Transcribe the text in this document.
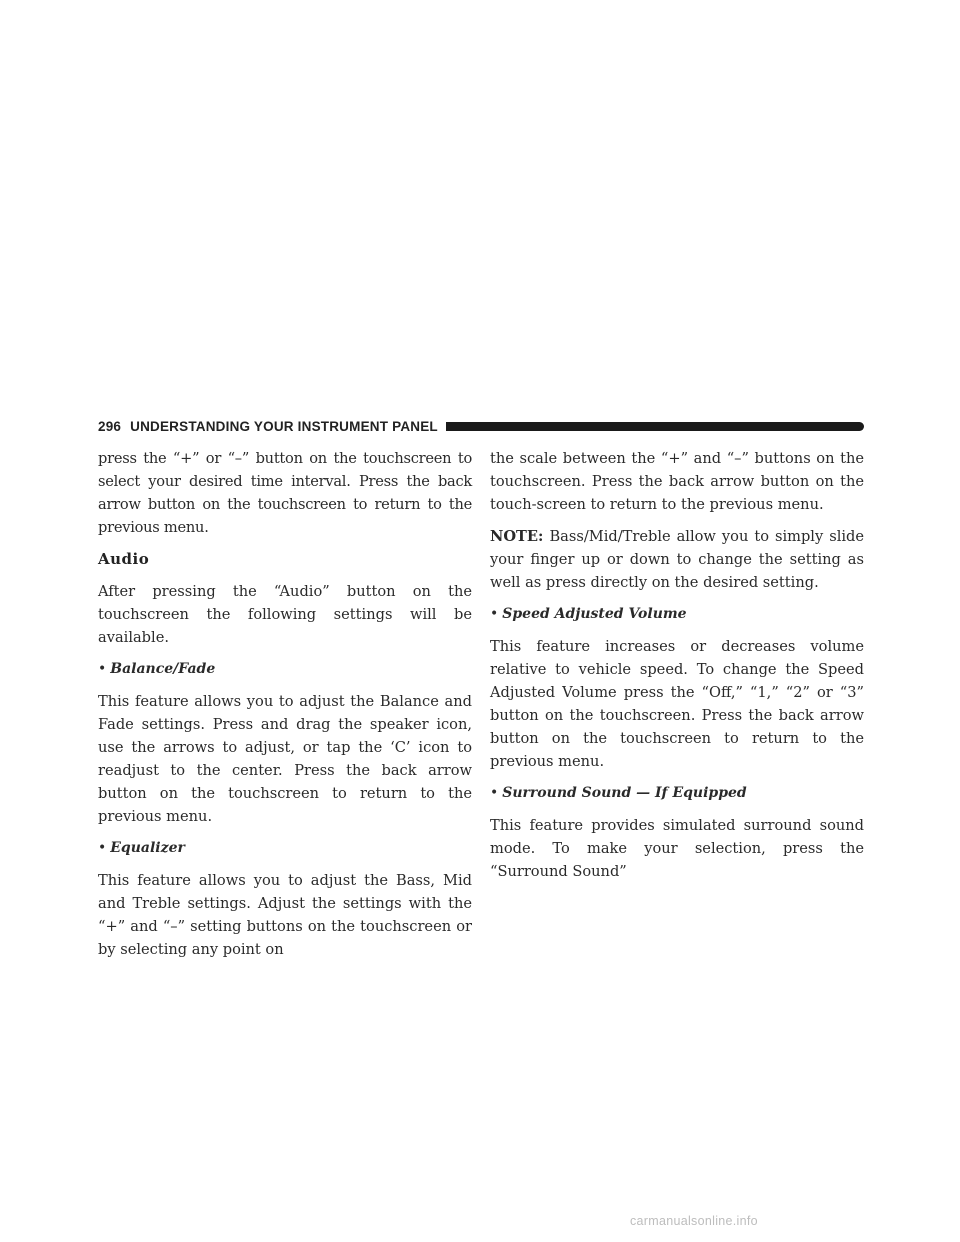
296 UNDERSTANDING YOUR INSTRUMENT PANEL

press the “+” or “–” button on the touchscreen to select your desired time interval. Press the back arrow button on the touchscreen to return to the previous menu.

Audio

After pressing the “Audio” button on the touchscreen the following settings will be available.

• Balance/Fade

This feature allows you to adjust the Balance and Fade settings. Press and drag the speaker icon, use the arrows to adjust, or tap the ‘C’ icon to readjust to the center. Press the back arrow button on the touchscreen to return to the previous menu.

• Equalizer

This feature allows you to adjust the Bass, Mid and Treble settings. Adjust the settings with the “+” and “–” setting buttons on the touchscreen or by selecting any point on

the scale between the “+” and “–” buttons on the touchscreen. Press the back arrow button on the touch-screen to return to the previous menu.

NOTE: Bass/Mid/Treble allow you to simply slide your finger up or down to change the setting as well as press directly on the desired setting.

• Speed Adjusted Volume

This feature increases or decreases volume relative to vehicle speed. To change the Speed Adjusted Volume press the “Off,” “1,” “2” or “3” button on the touchscreen. Press the back arrow button on the touchscreen to return to the previous menu.

• Surround Sound — If Equipped

This feature provides simulated surround sound mode. To make your selection, press the “Surround Sound”

carmanualsonline.info
